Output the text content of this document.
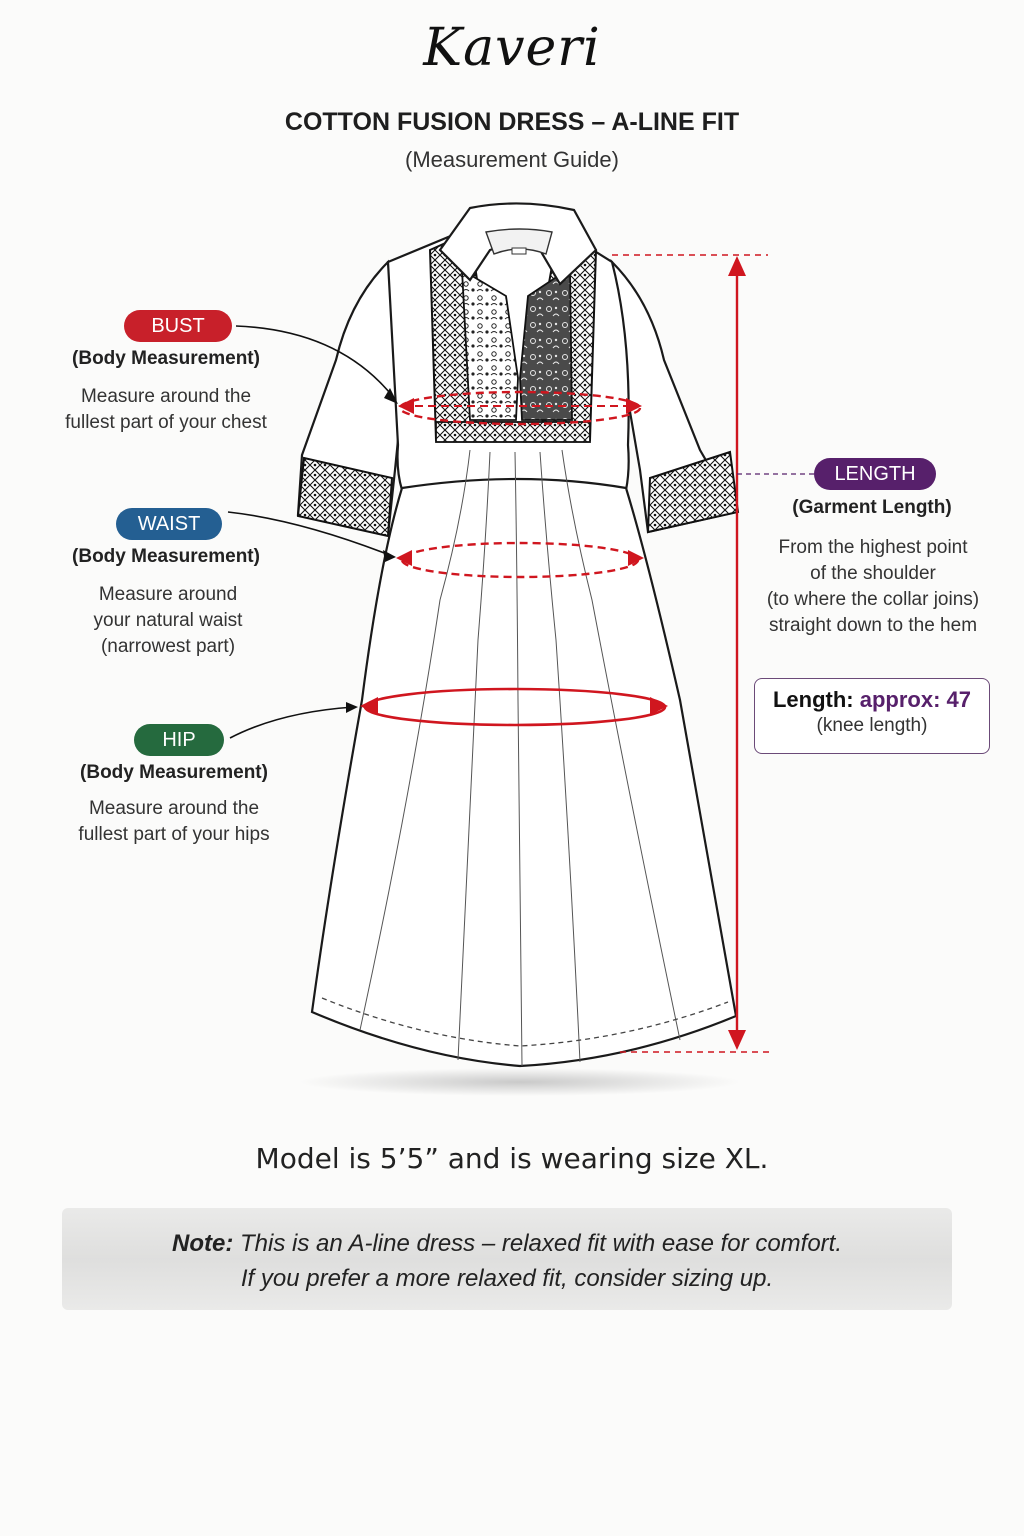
Kaveri
COTTON FUSION DRESS – A-LINE FIT
(Measurement Guide)
BUST
(Body Measurement)
Measure around the
fullest part of your chest
WAIST
(Body Measurement)
Measure around
your natural waist
(narrowest part)
HIP
(Body Measurement)
Measure around the
fullest part of your hips
LENGTH
(Garment Length)
From the highest point
of the shoulder
(to where the collar joins)
straight down to the hem
Length: approx: 47
(knee length)
Model is 5’5” and is wearing size XL.
Note: This is an A-line dress – relaxed fit with ease for comfort.
If you prefer a more relaxed fit, consider sizing up.
